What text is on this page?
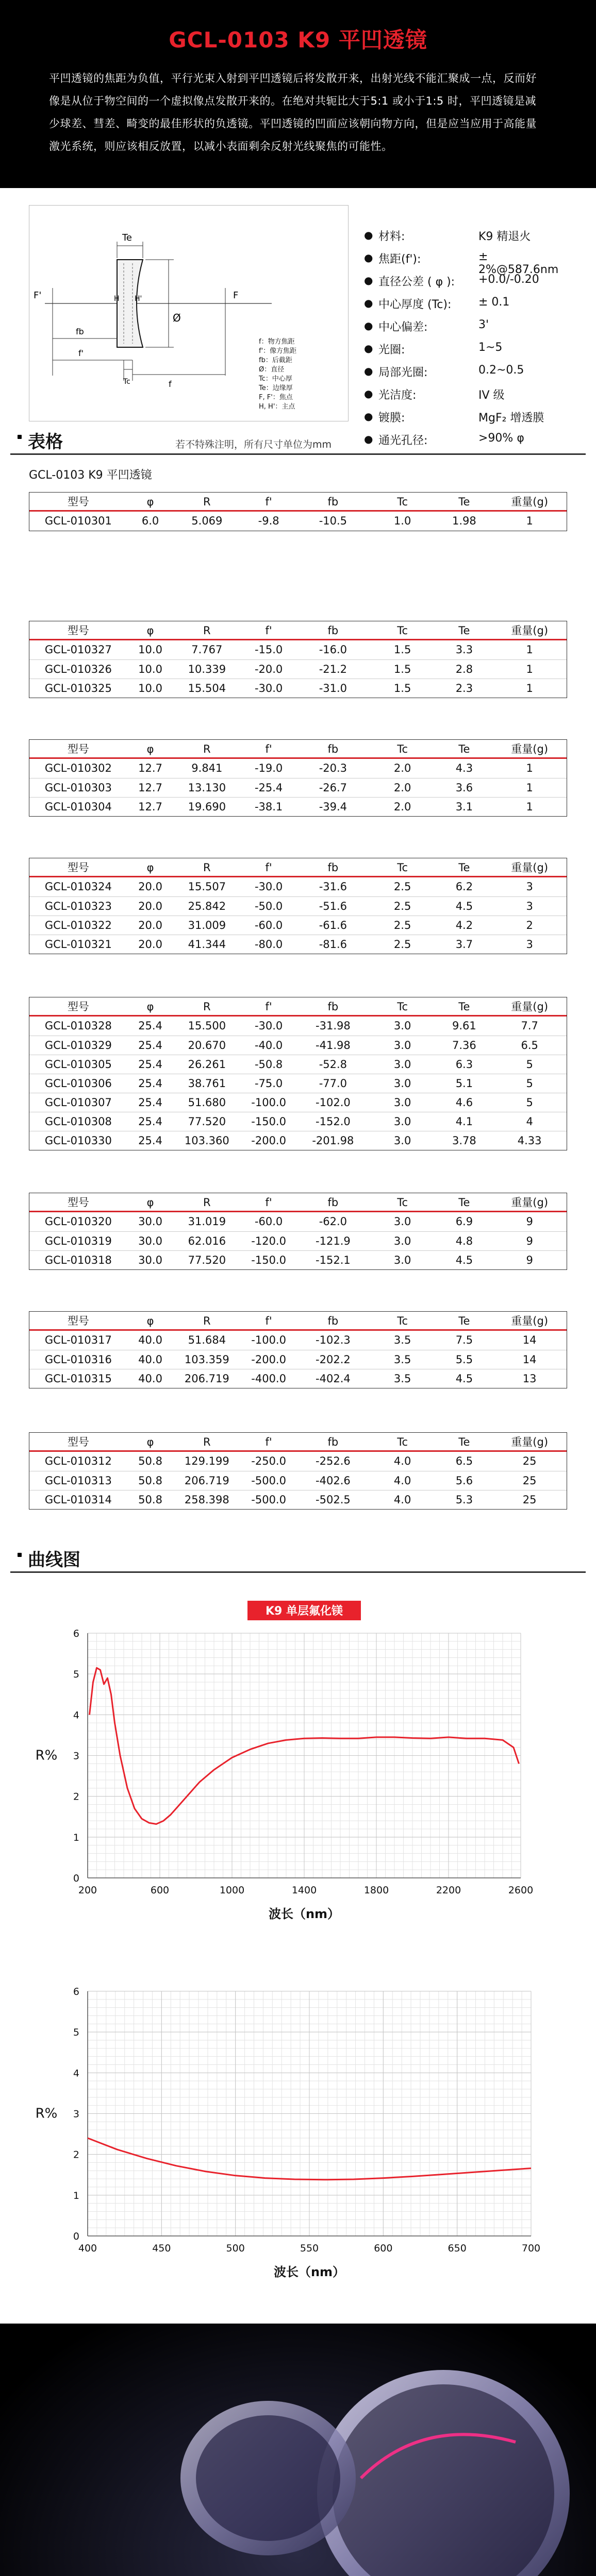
GCL-0103 K9 平凹透镜
平凹透镜的焦距为负值，平行光束入射到平凹透镜后将发散开来，出射光线不能汇聚成一点，反而好像是从位于物空间的一个虚拟像点发散开来的。在绝对共轭比大于5:1 或小于1:5 时，平凹透镜是减少球差、彗差、畸变的最佳形状的负透镜。平凹透镜的凹面应该朝向物方向，但是应当应用于高能量激光系统，则应该相反放置，以减小表面剩余反射光线聚焦的可能性。
Te
Ø
F'	F
H H'
fb
f'
Tc	f
f：物方焦距
f'：像方焦距
fb：后截距
Ø：直径
Tc：中心厚
Te：边缘厚
F, F'：焦点
H, H'：主点
● 材料:	K9 精退火
● 焦距(f'):	± 2%@587.6nm
● 直径公差 ( φ ): +0.0/-0.20
● 中心厚度 (Tc): ± 0.1
● 中心偏差:	3'
● 光圈:	1~5
● 局部光圈:	0.2~0.5
● 光洁度:	IV 级
● 镀膜:	MgF₂ 增透膜
● 通光孔径:	>90% φ
表格	若不特殊注明，所有尺寸单位为mm
GCL-0103 K9 平凹透镜
型号	φ	R	f'	fb	Tc	Te	重量(g)
GCL-010301	6.0	5.069	-9.8	-10.5	1.0	1.98	1
型号	φ	R	f'	fb	Tc	Te	重量(g)
GCL-010327	10.0	7.767	-15.0	-16.0	1.5	3.3	1
GCL-010326	10.0	10.339	-20.0	-21.2	1.5	2.8	1
GCL-010325	10.0	15.504	-30.0	-31.0	1.5	2.3	1
型号	φ	R	f'	fb	Tc	Te	重量(g)
GCL-010302	12.7	9.841	-19.0	-20.3	2.0	4.3	1
GCL-010303	12.7	13.130	-25.4	-26.7	2.0	3.6	1
GCL-010304	12.7	19.690	-38.1	-39.4	2.0	3.1	1
型号	φ	R	f'	fb	Tc	Te	重量(g)
GCL-010324	20.0	15.507	-30.0	-31.6	2.5	6.2	3
GCL-010323	20.0	25.842	-50.0	-51.6	2.5	4.5	3
GCL-010322	20.0	31.009	-60.0	-61.6	2.5	4.2	2
GCL-010321	20.0	41.344	-80.0	-81.6	2.5	3.7	3
型号	φ	R	f'	fb	Tc	Te	重量(g)
GCL-010328	25.4	15.500	-30.0	-31.98	3.0	9.61	7.7
GCL-010329	25.4	20.670	-40.0	-41.98	3.0	7.36	6.5
GCL-010305	25.4	26.261	-50.8	-52.8	3.0	6.3	5
GCL-010306	25.4	38.761	-75.0	-77.0	3.0	5.1	5
GCL-010307	25.4	51.680	-100.0	-102.0	3.0	4.6	5
GCL-010308	25.4	77.520	-150.0	-152.0	3.0	4.1	4
GCL-010330	25.4	103.360	-200.0	-201.98	3.0	3.78	4.33
型号	φ	R	f'	fb	Tc	Te	重量(g)
GCL-010320	30.0	31.019	-60.0	-62.0	3.0	6.9	9
GCL-010319	30.0	62.016	-120.0	-121.9	3.0	4.8	9
GCL-010318	30.0	77.520	-150.0	-152.1	3.0	4.5	9
型号	φ	R	f'	fb	Tc	Te	重量(g)
GCL-010317	40.0	51.684	-100.0	-102.3	3.5	7.5	14
GCL-010316	40.0	103.359	-200.0	-202.2	3.5	5.5	14
GCL-010315	40.0	206.719	-400.0	-402.4	3.5	4.5	13
型号	φ	R	f'	fb	Tc	Te	重量(g)
GCL-010312	50.8	129.199	-250.0	-252.6	4.0	6.5	25
GCL-010313	50.8	206.719	-500.0	-402.6	4.0	5.6	25
GCL-010314	50.8	258.398	-500.0	-502.5	4.0	5.3	25
曲线图
K9 单层氟化镁
200	600	1000	1400	1800	2200	2600
0
1
2
3
4
5
6
R%
波长（nm）
400	450	500	550	600	650	700
0
1
2
3
4
5
6
R%
波长（nm）
